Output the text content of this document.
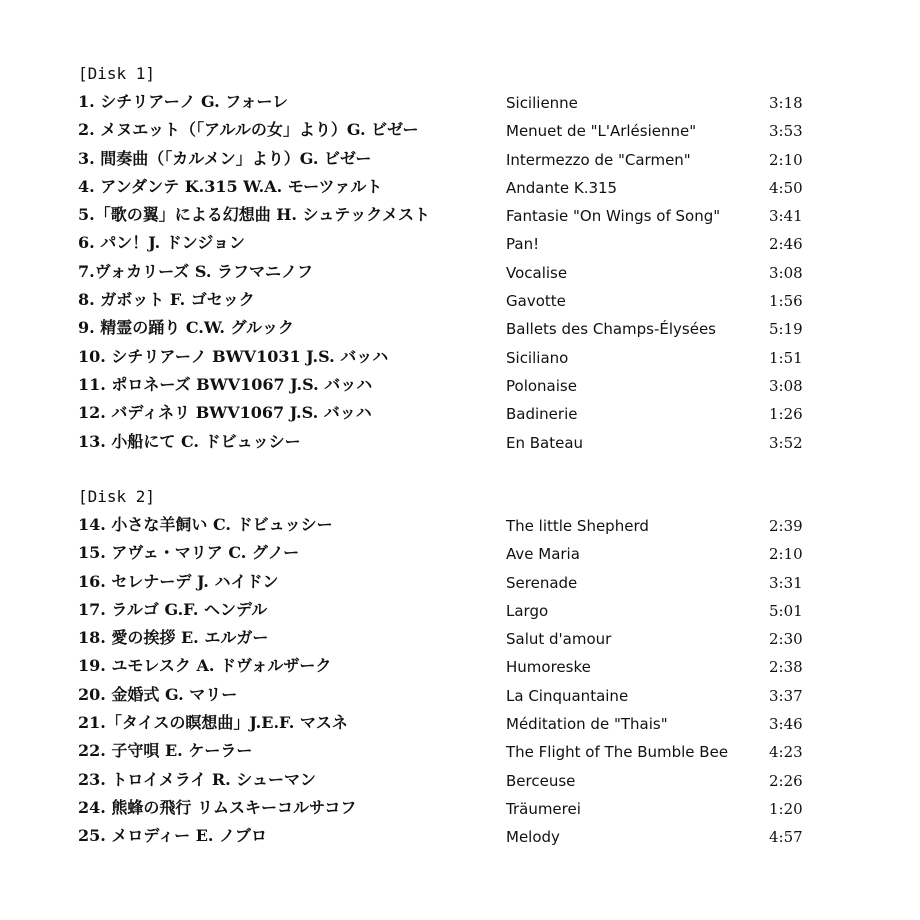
[Disk 1]
1. シチリアーノ G. フォーレ	Sicilienne	3:18
2. メヌエット（「アルルの女」より）G. ビゼー	Menuet de "L'Arlésienne"	3:53
3. 間奏曲（「カルメン」より）G. ビゼー	Intermezzo de "Carmen"	2:10
4. アンダンテ K.315 W.A. モーツァルト	Andante K.315	4:50
5.「歌の翼」による幻想曲 H. シュテックメスト	Fantasie "On Wings of Song"	3:41
6. パン！J. ドンジョン	Pan!	2:46
7.ヴォカリーズ S. ラフマニノフ	Vocalise	3:08
8. ガボット F. ゴセック	Gavotte	1:56
9. 精霊の踊り C.W. グルック	Ballets des Champs-Élysées	5:19
10. シチリアーノ BWV1031 J.S. バッハ	Siciliano	1:51
11. ポロネーズ BWV1067 J.S. バッハ	Polonaise	3:08
12. バディネリ BWV1067 J.S. バッハ	Badinerie	1:26
13. 小船にて C. ドビュッシー	En Bateau	3:52
[Disk 2]
14. 小さな羊飼い C. ドビュッシー	The little Shepherd	2:39
15. アヴェ・マリア C. グノー	Ave Maria	2:10
16. セレナーデ J. ハイドン	Serenade	3:31
17. ラルゴ G.F. ヘンデル	Largo	5:01
18. 愛の挨拶 E. エルガー	Salut d'amour	2:30
19. ユモレスク A. ドヴォルザーク	Humoreske	2:38
20. 金婚式 G. マリー	La Cinquantaine	3:37
21.「タイスの瞑想曲」J.E.F. マスネ	Méditation de "Thais"	3:46
22. 子守唄 E. ケーラー	The Flight of The Bumble Bee	4:23
23. トロイメライ R. シューマン	Berceuse	2:26
24. 熊蜂の飛行 リムスキーコルサコフ	Träumerei	1:20
25. メロディー E. ノブロ	Melody	4:57
